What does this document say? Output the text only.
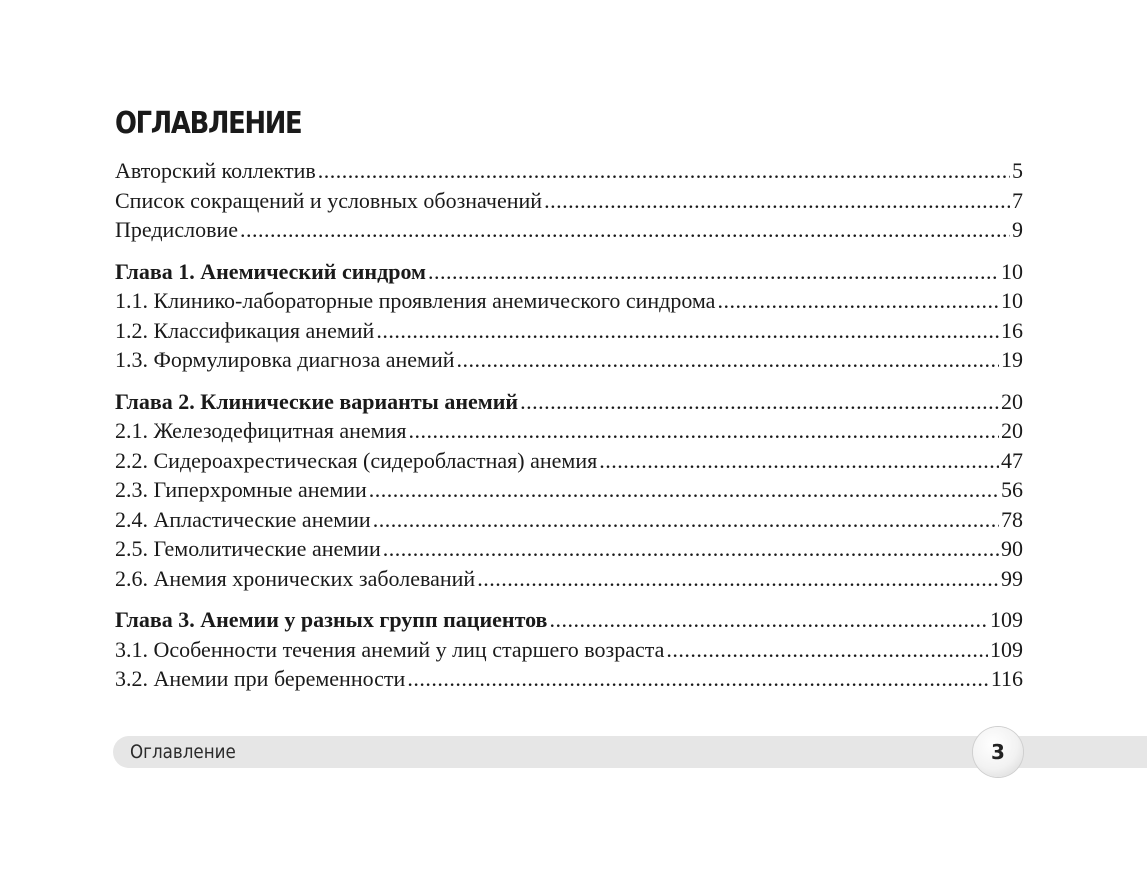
ОГЛАВЛЕНИЕ
Авторский коллектив .....	5
Список сокращений и условных обозначений .....	7
Предисловие .....	9
Глава 1. Анемический синдром .....	10
1.1. Клинико-лабораторные проявления анемического синдрома .....	10
1.2. Классификация анемий .....	16
1.3. Формулировка диагноза анемий .....	19
Глава 2. Клинические варианты анемий .....	20
2.1. Железодефицитная анемия .....	20
2.2. Сидероахрестическая (сидеробластная) анемия .....	47
2.3. Гиперхромные анемии .....	56
2.4. Апластические анемии .....	78
2.5. Гемолитические анемии .....	90
2.6. Анемия хронических заболеваний .....	99
Глава 3. Анемии у разных групп пациентов .....	109
3.1. Особенности течения анемий у лиц старшего возраста .....	109
3.2. Анемии при беременности .....	116
Оглавление	3
